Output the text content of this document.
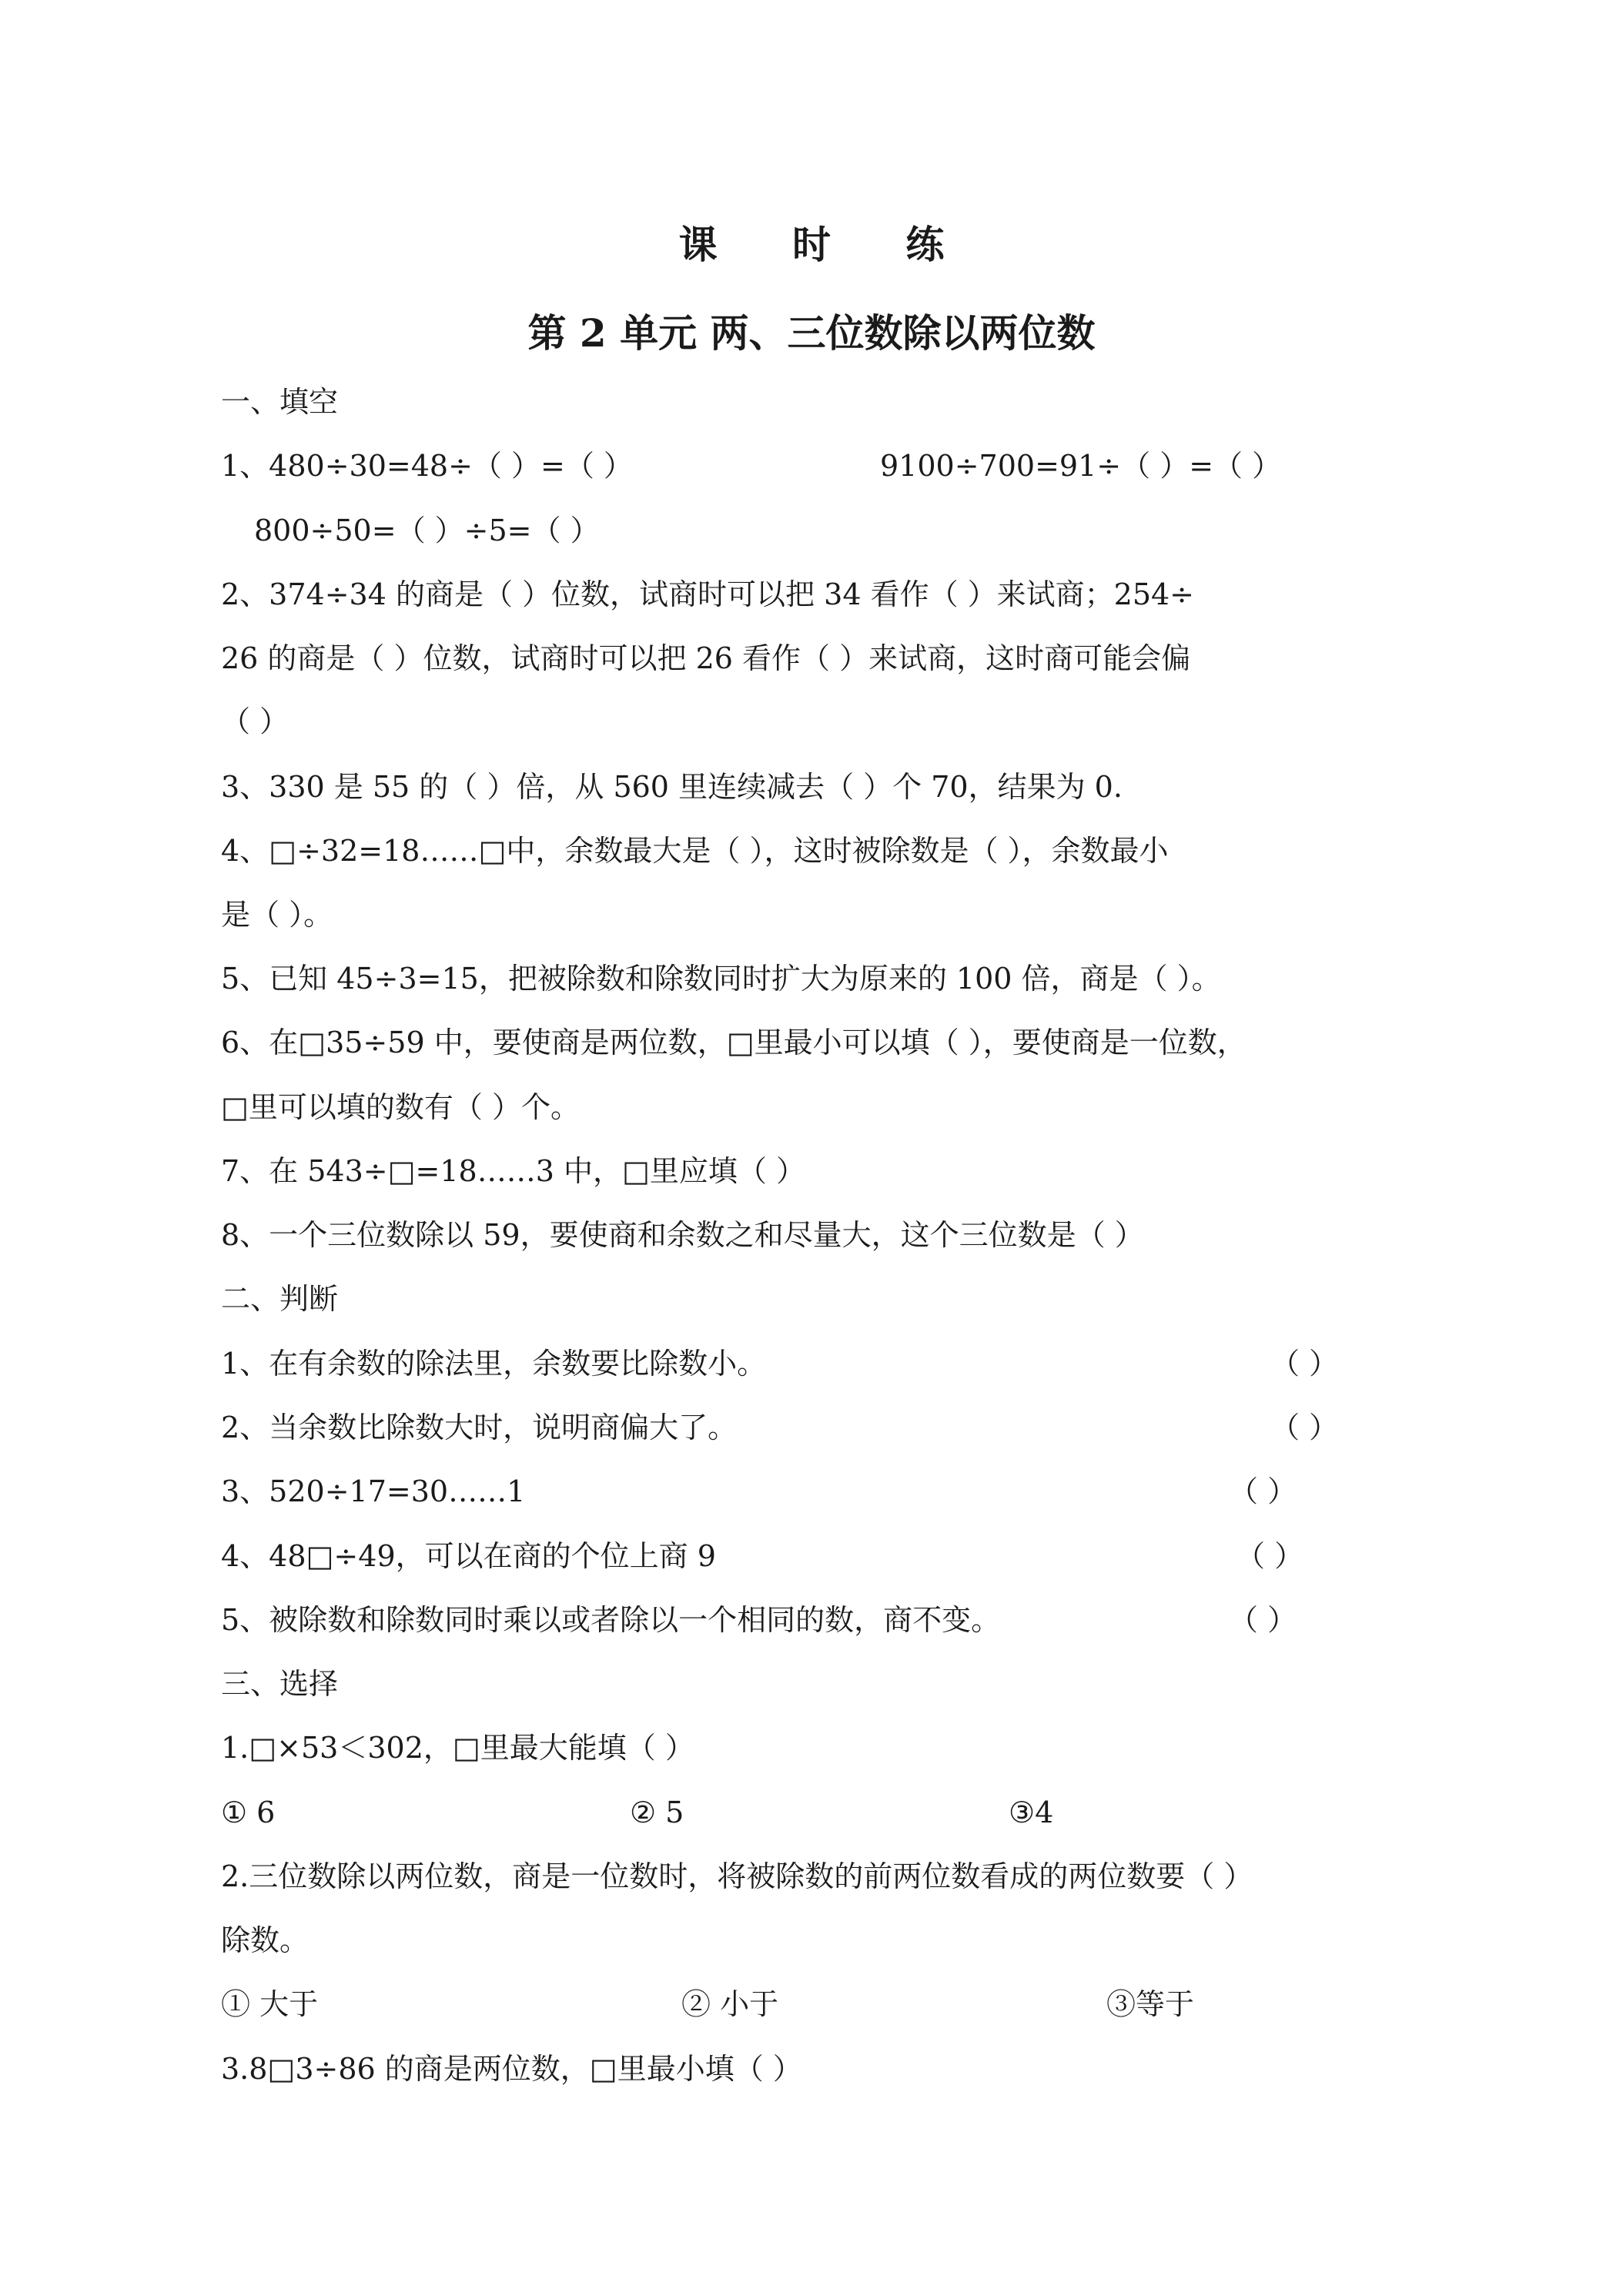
课 时 练
第 2 单元 两、三位数除以两位数
一、填空
1、480÷30=48÷（ ）=（ ）	9100÷700=91÷（ ）=（ ）
800÷50=（ ）÷5=（ ）
2、374÷34 的商是（ ）位数，试商时可以把 34 看作（ ）来试商；254÷
26 的商是（ ）位数，试商时可以把 26 看作（ ）来试商，这时商可能会偏
（ ）
3、330 是 55 的（ ）倍，从 560 里连续减去（ ）个 70，结果为 0.
4、□÷32=18……□中，余数最大是（ ），这时被除数是（ ），余数最小
是（ ）。
5、已知 45÷3=15，把被除数和除数同时扩大为原来的 100 倍，商是（ ）。
6、在□35÷59 中，要使商是两位数，□里最小可以填（ ），要使商是一位数，
□里可以填的数有（ ）个。
7、在 543÷□=18……3 中，□里应填（ ）
8、一个三位数除以 59，要使商和余数之和尽量大，这个三位数是（ ）
二、判断
1、在有余数的除法里，余数要比除数小。	（ ）
2、当余数比除数大时，说明商偏大了。	（ ）
3、520÷17=30……1	（ ）
4、48□÷49，可以在商的个位上商 9	（ ）
5、被除数和除数同时乘以或者除以一个相同的数，商不变。	（ ）
三、选择
1.□×53＜302，□里最大能填（ ）
① 6	② 5	③4
2.三位数除以两位数，商是一位数时，将被除数的前两位数看成的两位数要（ ）
除数。
① 大于	② 小于	③等于
3.8□3÷86 的商是两位数，□里最小填（ ）
